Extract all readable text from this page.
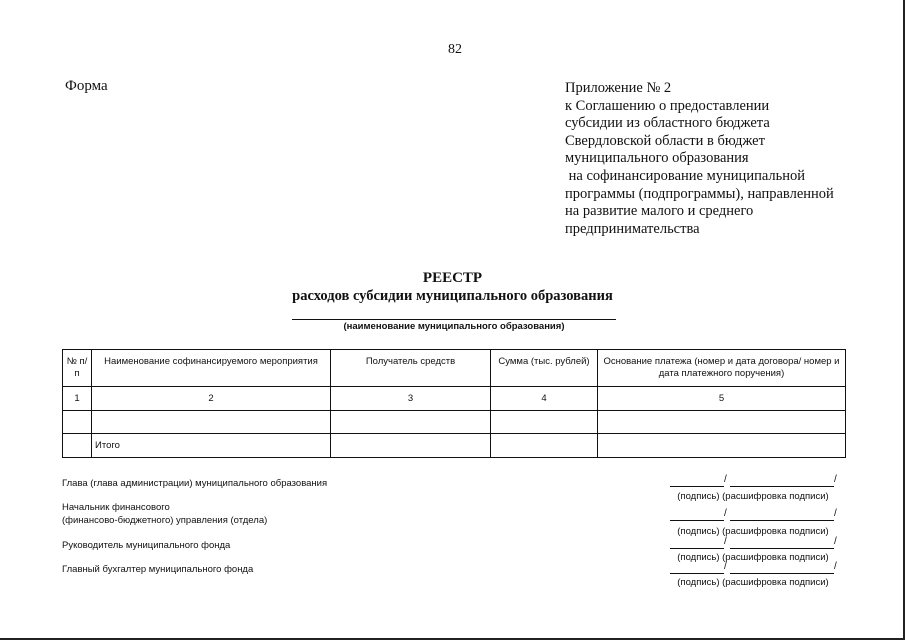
82
Форма	Приложение № 2
к Соглашению о предоставлении
субсидии из областного бюджета
Свердловской области в бюджет
муниципального образования
на софинансирование муниципальной
программы (подпрограммы), направленной
на развитие малого и среднего
предпринимательства
РЕЕСТР
расходов субсидии муниципального образования
(наименование муниципального образования)
№ п/п	Наименование софинансируемого мероприятия	Получатель средств	Сумма (тыс. рублей)	Основание платежа (номер и дата договора/ номер и дата платежного поручения)
1	2	3	4	5

	Итого			
Глава (глава администрации) муниципального образования	/	/
(подпись) (расшифровка подписи)
Начальник финансового
(финансово-бюджетного) управления (отдела)
/	/
(подпись) (расшифровка подписи)
Руководитель муниципального фонда	/	/
(подпись) (расшифровка подписи)
Главный бухгалтер муниципального фонда	/	/
(подпись) (расшифровка подписи)
